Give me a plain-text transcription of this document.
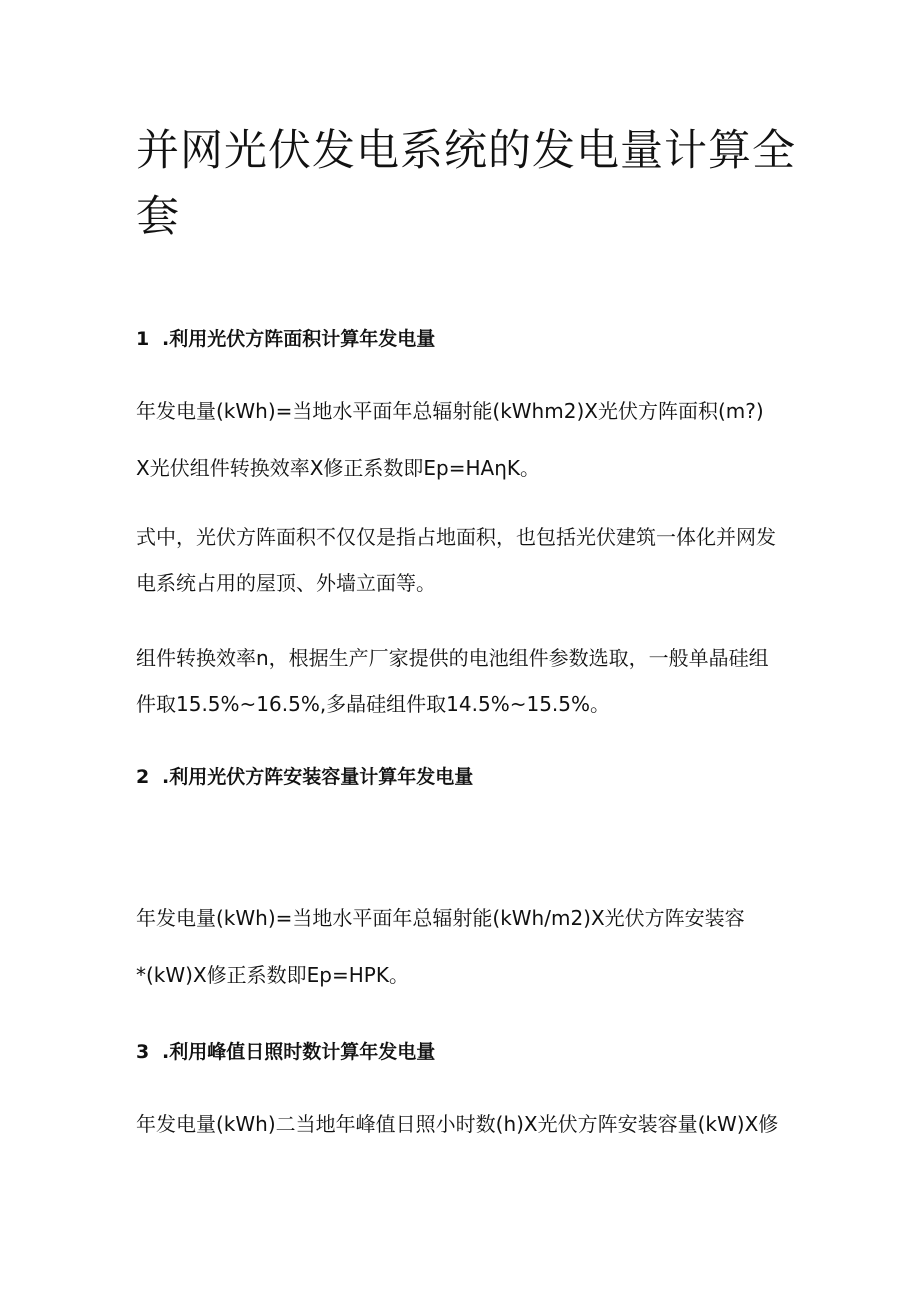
并网光伏发电系统的发电量计算全套
1 .利用光伏方阵面积计算年发电量

年发电量(kWh)=当地水平面年总辐射能(kWhm2)X光伏方阵面积(m?)

X光伏组件转换效率X修正系数即Ep=HAηK。

式中，光伏方阵面积不仅仅是指占地面积，也包括光伏建筑一体化并网发

电系统占用的屋顶、外墙立面等。

组件转换效率n，根据生产厂家提供的电池组件参数选取，一般单晶硅组

件取15.5%~16.5%,多晶硅组件取14.5%~15.5%。

2 .利用光伏方阵安装容量计算年发电量

年发电量(kWh)=当地水平面年总辐射能(kWh/m2)X光伏方阵安装容

*(kW)X修正系数即Ep=HPK。

3 .利用峰值日照时数计算年发电量

年发电量(kWh)二当地年峰值日照小时数(h)X光伏方阵安装容量(kW)X修
